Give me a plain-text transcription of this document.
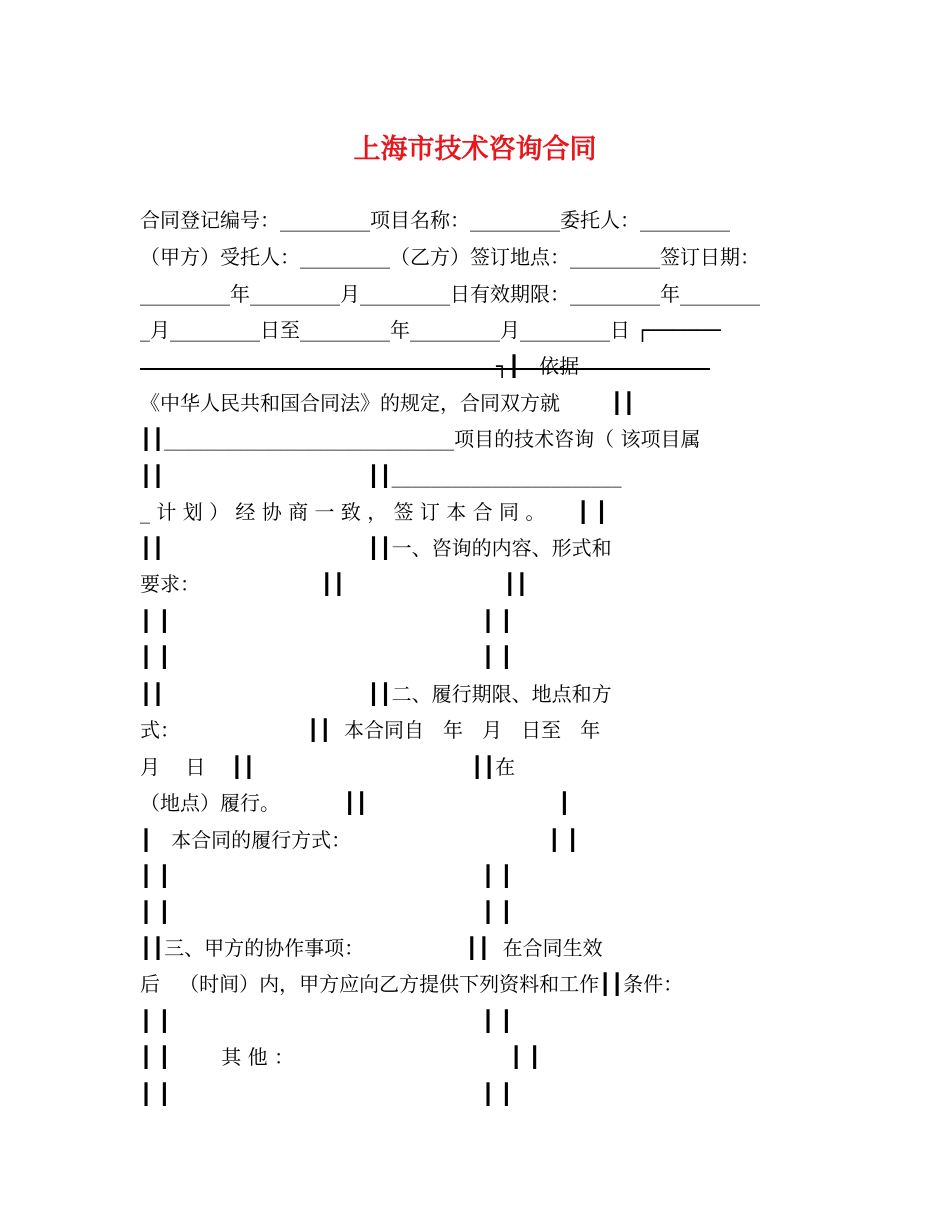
上海市技术咨询合同
合同登记编号：_________项目名称：_________委托人：_________
（甲方）受托人：_________（乙方）签订地点：_________签订日期：
_________年_________月_________日有效期限：_________年________
_月_________日至_________年_________月_________日 ┌──────
┐┃   依据
《中华人民共和国合同法》的规定，合同双方就        ┃┃
┃┃_____________________________项目的技术咨询（ 该项目属
┃┃                                ┃┃_______________________
_ 计 划 ） 经 协 商 一 致 ， 签 订 本 合 同 。     ┃ ┃
┃┃                                ┃┃一、咨询的内容、形式和
要求：                   ┃┃                         ┃┃
┃ ┃                                                 ┃ ┃
┃ ┃                                                 ┃ ┃
┃┃                                ┃┃二、履行期限、地点和方
式：                    ┃┃  本合同自   年   月   日至   年
月    日    ┃┃                                  ┃┃在
（地点）履行。          ┃┃                              ┃
┃   本合同的履行方式：                               ┃ ┃
┃ ┃                                                 ┃ ┃
┃ ┃                                                 ┃ ┃
┃┃三、甲方的协作事项：                ┃┃  在合同生效
后   （时间）内，甲方应向乙方提供下列资料和工作┃┃条件：
┃ ┃                                                 ┃ ┃
┃ ┃        其 他 ：                                  ┃ ┃
┃ ┃                                                 ┃ ┃
